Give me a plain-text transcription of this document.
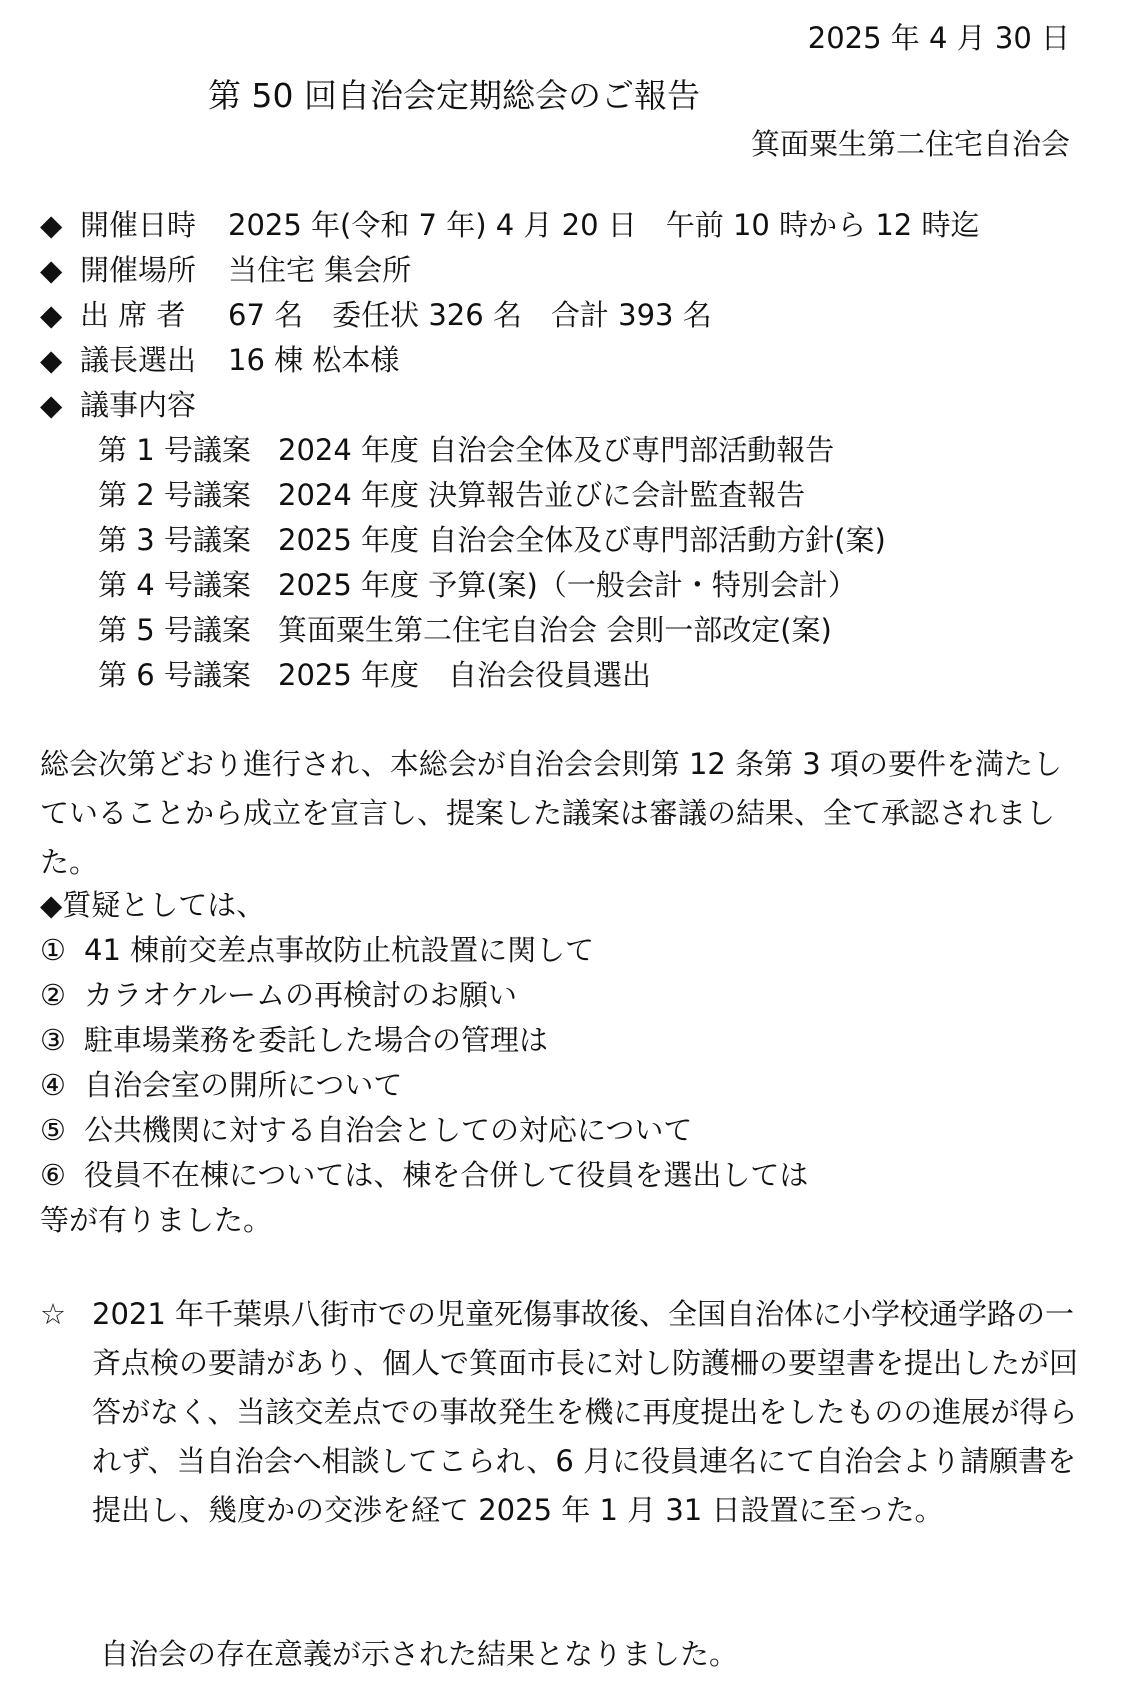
2025 年 4 月 30 日
第 50 回自治会定期総会のご報告
箕面粟生第二住宅自治会
◆ 開催日時 2025 年(令和 7 年) 4 月 20 日　午前 10 時から 12 時迄
◆ 開催場所 当住宅 集会所
◆ 出 席 者 67 名　委任状 326 名　合計 393 名
◆ 議長選出 16 棟 松本様
◆ 議事内容
第 1 号議案 2024 年度 自治会全体及び専門部活動報告
第 2 号議案 2024 年度 決算報告並びに会計監査報告
第 3 号議案 2025 年度 自治会全体及び専門部活動方針(案)
第 4 号議案 2025 年度 予算(案)（一般会計・特別会計）
第 5 号議案 箕面粟生第二住宅自治会 会則一部改定(案)
第 6 号議案 2025 年度　自治会役員選出

総会次第どおり進行され、本総会が自治会会則第 12 条第 3 項の要件を満たしていることから成立を宣言し、提案した議案は審議の結果、全て承認されました。

◆質疑としては、
① 41 棟前交差点事故防止杭設置に関して
② カラオケルームの再検討のお願い
③ 駐車場業務を委託した場合の管理は
④ 自治会室の開所について
⑤ 公共機関に対する自治会としての対応について
⑥ 役員不在棟については、棟を合併して役員を選出しては
等が有りました。
☆ 2021 年千葉県八街市での児童死傷事故後、全国自治体に小学校通学路の一斉点検の要請があり、個人で箕面市長に対し防護柵の要望書を提出したが回答がなく、当該交差点での事故発生を機に再度提出をしたものの進展が得られず、当自治会へ相談してこられ、6 月に役員連名にて自治会より請願書を提出し、幾度かの交渉を経て 2025 年 1 月 31 日設置に至った。

自治会の存在意義が示された結果となりました。
